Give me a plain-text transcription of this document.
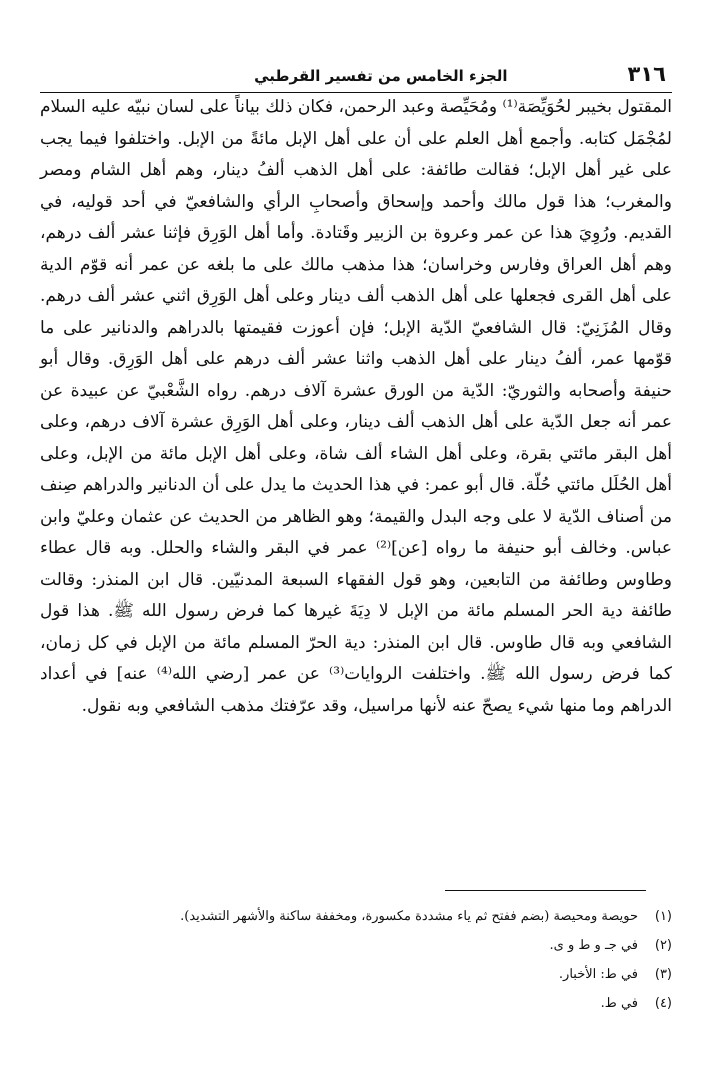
٣١٦
الجزء الخامس من تفسير القرطبي

المقتول بخيبر لحُوَيِّصَة⁽¹⁾ ومُحَيِّصة وعبد الرحمن، فكان ذلك بياناً على لسان نبيّه عليه السلام لمُجْمَل كتابه. وأجمع أهل العلم على أن على أهل الإبل مائةً من الإبل. واختلفوا فيما يجب على غير أهل الإبل؛ فقالت طائفة: على أهل الذهب ألفُ دينار، وهم أهل الشام ومصر والمغرب؛ هذا قول مالك وأحمد وإسحاق وأصحابِ الرأي والشافعيّ في أحد قوليه، في القديم. ورُوِيَ هذا عن عمر وعروة بن الزبير وقَتادة. وأما أهل الوَرِق فإثنا عشر ألف درهم، وهم أهل العراق وفارس وخراسان؛ هذا مذهب مالك على ما بلغه عن عمر أنه قوّم الدية على أهل القرى فجعلها على أهل الذهب ألف دينار وعلى أهل الوَرِق اثني عشر ألف درهم. وقال المُزَنِيّ: قال الشافعيّ الدّية الإبل؛ فإن أعوزت فقيمتها بالدراهم والدنانير على ما قوّمها عمر، ألفُ دينار على أهل الذهب واثنا عشر ألف درهم على أهل الوَرِق. وقال أبو حنيفة وأصحابه والثوريّ: الدّية من الورق عشرة آلاف درهم. رواه الشَّعْبيّ عن عبيدة عن عمر أنه جعل الدّية على أهل الذهب ألف دينار، وعلى أهل الوَرِق عشرة آلاف درهم، وعلى أهل البقر مائتي بقرة، وعلى أهل الشاء ألف شاة، وعلى أهل الإبل مائة من الإبل، وعلى أهل الحُلَل مائتي حُلّة. قال أبو عمر: في هذا الحديث ما يدل على أن الدنانير والدراهم صِنف من أصناف الدّية لا على وجه البدل والقيمة؛ وهو الظاهر من الحديث عن عثمان وعليّ وابن عباس. وخالف أبو حنيفة ما رواه [عن]⁽²⁾ عمر في البقر والشاء والحلل. وبه قال عطاء وطاوس وطائفة من التابعين، وهو قول الفقهاء السبعة المدنيّين. قال ابن المنذر: وقالت طائفة دية الحر المسلم مائة من الإبل لا دِيَةَ غيرها كما فرض رسول الله ﷺ. هذا قول الشافعي وبه قال طاوس. قال ابن المنذر: دية الحرّ المسلم مائة من الإبل في كل زمان، كما فرض رسول الله ﷺ. واختلفت الروايات⁽³⁾ عن عمر [رضي الله⁽⁴⁾ عنه] في أعداد الدراهم وما منها شيء يصحّ عنه لأنها مراسيل، وقد عرّفتك مذهب الشافعي وبه نقول.

(١)
حويصة ومحيصة (بضم ففتح ثم ياء مشددة مكسورة، ومخففة ساكنة والأشهر التشديد).
(٢)
في جـ و ط و ى.
(٣)
في ط: الأخبار.
(٤)
في ط.
